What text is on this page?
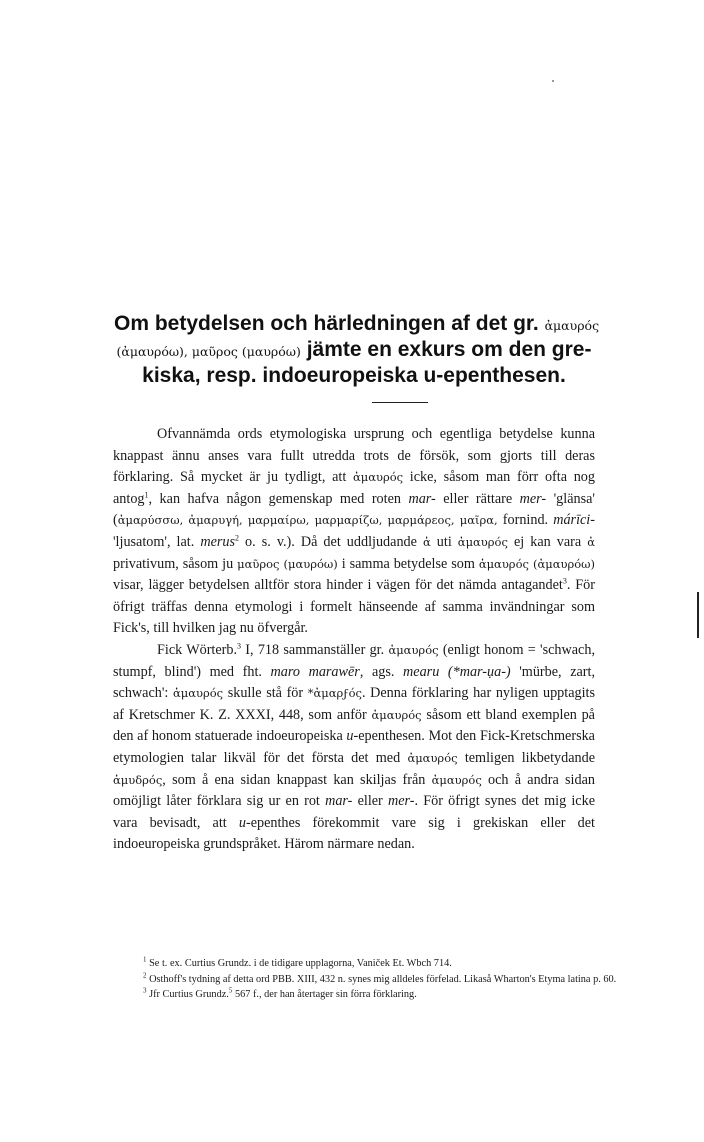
Om betydelsen och härledningen af det gr. ἀμαυρός
(ἀμαυρόω), μαῦρος (μαυρόω) jämte en exkurs om den gre-
kiska, resp. indoeuropeiska u-epenthesen.

Ofvannämda ords etymologiska ursprung och egentliga betydelse kunna knappast ännu anses vara fullt utredda trots de försök, som gjorts till deras förklaring. Så mycket är ju tydligt, att ἀμαυρός icke, såsom man förr ofta nog antog$^1$, kan hafva någon gemenskap med roten mar- eller rättare mer- 'glänsa' (ἀμαρύσσω, ἀμαρυγή, μαρμαίρω, μαρμαρίζω, μαρμάρεος, μαῖρα, fornind. márīci- 'ljusatom', lat. merus$^2$ o. s. v.). Då det uddljudande ἀ uti ἀμαυρός ej kan vara ἀ privativum, såsom ju μαῦρος (μαυρόω) i samma betydelse som ἀμαυρός (ἀμαυρόω) visar, lägger betydelsen alltför stora hinder i vägen för det nämda antagandet$^3$. För öfrigt träffas denna etymologi i formelt hänseende af samma invändningar som Fick's, till hvilken jag nu öfvergår.

Fick Wörterb.$^3$ I, 718 sammanställer gr. ἀμαυρός (enligt honom = 'schwach, stumpf, blind') med fht. maro marawēr, ags. mearu (*mar-ụa-) 'mürbe, zart, schwach': ἀμαυρός skulle stå för *ἀμαρϝός. Denna förklaring har nyligen upptagits af Kretschmer K. Z. XXXI, 448, som anför ἀμαυρός såsom ett bland exemplen på den af honom statuerade indoeuropeiska u-epenthesen. Mot den Fick-Kretschmerska etymologien talar likväl för det första det med ἀμαυρός temligen likbetydande ἀμυδρός, som å ena sidan knappast kan skiljas från ἀμαυρός och å andra sidan omöjligt låter förklara sig ur en rot mar- eller mer-. För öfrigt synes det mig icke vara bevisadt, att u-epenthes förekommit vare sig i grekiskan eller det indoeuropeiska grundspråket. Härom närmare nedan.

$^1$ Se t. ex. Curtius Grundz. i de tidigare upplagorna, Vaniček Et. Wbch 714.
$^2$ Osthoff's tydning af detta ord PBB. XIII, 432 n. synes mig alldeles förfelad. Likaså Wharton's Etyma latina p. 60.
$^3$ Jfr Curtius Grundz.$^5$ 567 f., der han återtager sin förra förklaring.
